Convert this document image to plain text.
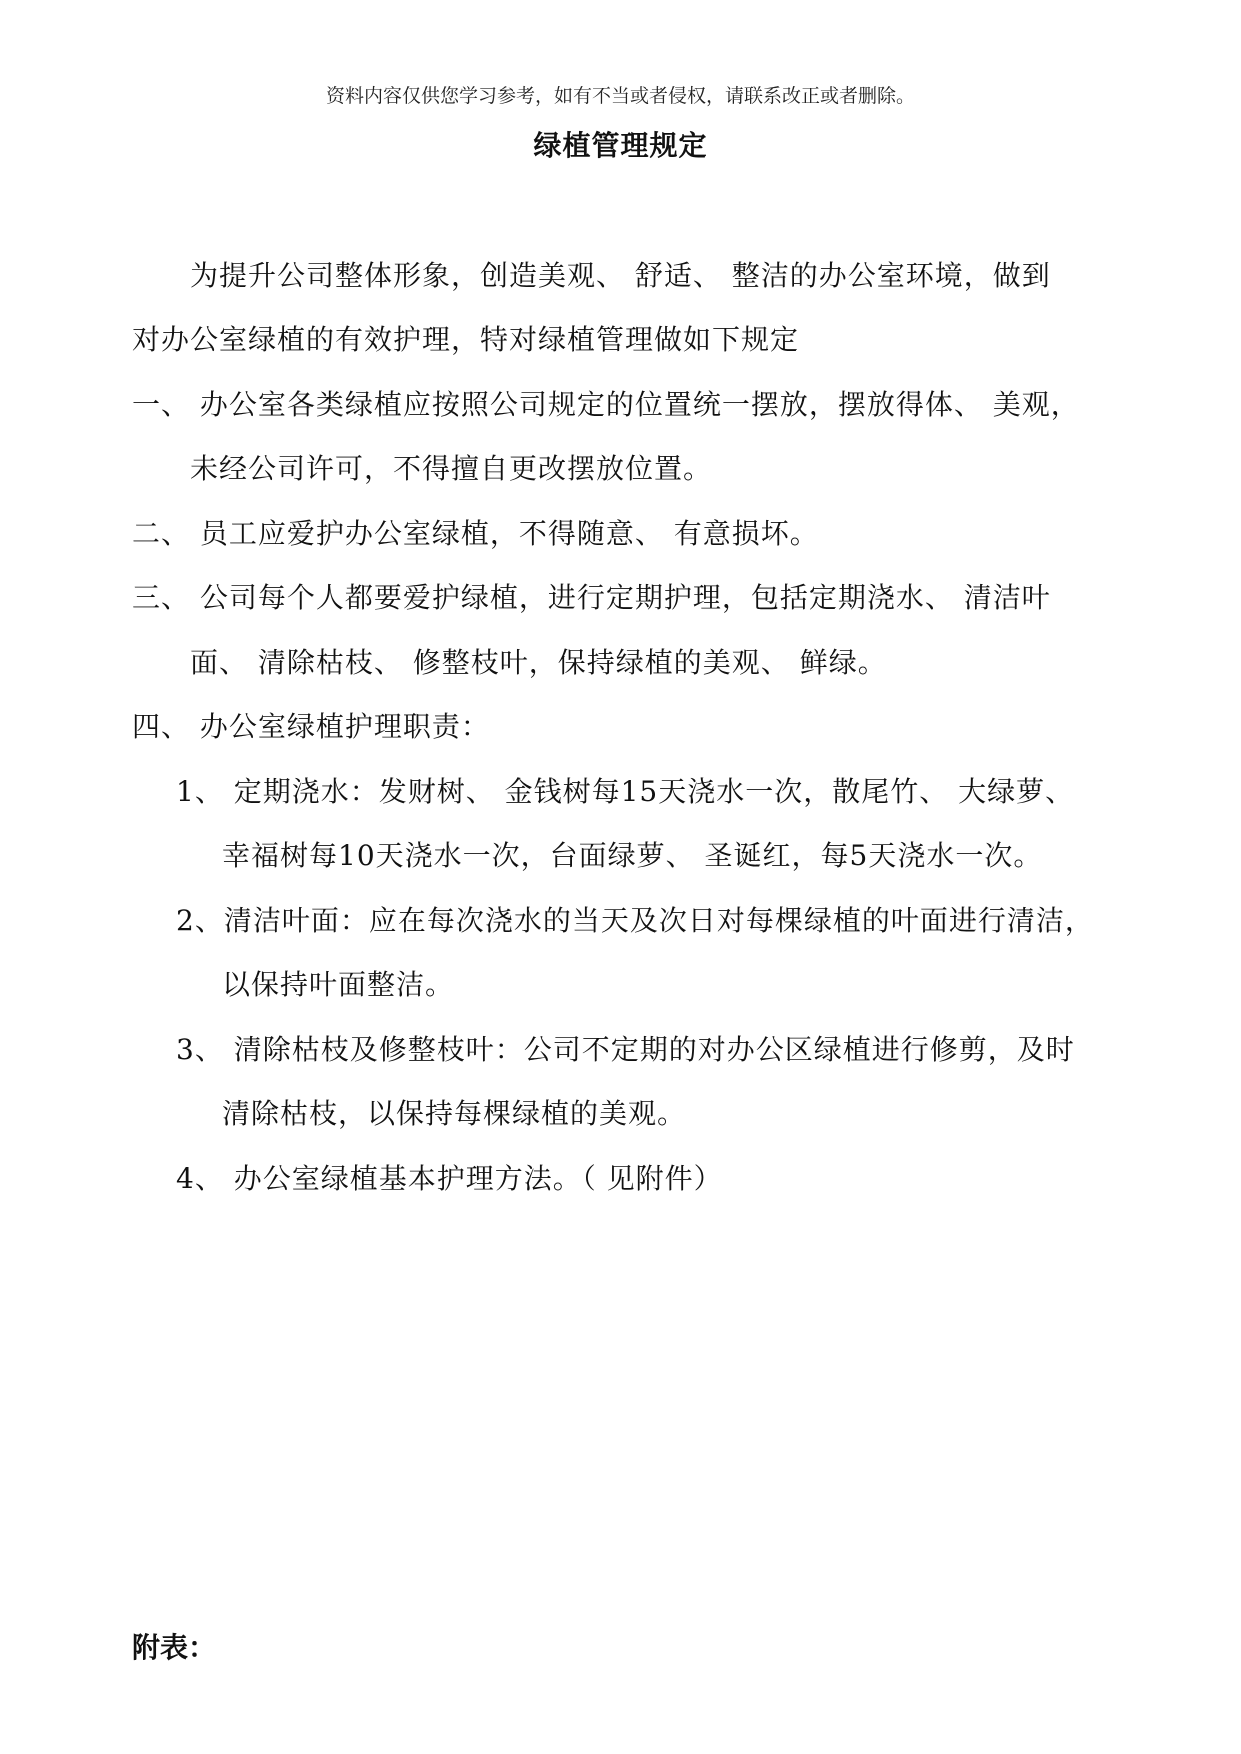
资料内容仅供您学习参考，如有不当或者侵权，请联系改正或者删除。
绿植管理规定
为提升公司整体形象，创造美观、 舒适、 整洁的办公室环境，做到
对办公室绿植的有效护理，特对绿植管理做如下规定
一、 办公室各类绿植应按照公司规定的位置统一摆放，摆放得体、 美观，
未经公司许可，不得擅自更改摆放位置。
二、 员工应爱护办公室绿植，不得随意、 有意损坏。
三、 公司每个人都要爱护绿植，进行定期护理，包括定期浇水、 清洁叶
面、 清除枯枝、 修整枝叶，保持绿植的美观、 鲜绿。
四、 办公室绿植护理职责：
1、 定期浇水：发财树、 金钱树每15天浇水一次，散尾竹、 大绿萝、
幸福树每10天浇水一次，台面绿萝、 圣诞红，每5天浇水一次。
2、清洁叶面：应在每次浇水的当天及次日对每棵绿植的叶面进行清洁，
以保持叶面整洁。
3、 清除枯枝及修整枝叶：公司不定期的对办公区绿植进行修剪，及时
清除枯枝，以保持每棵绿植的美观。
4、 办公室绿植基本护理方法。（ 见附件）
附表：
